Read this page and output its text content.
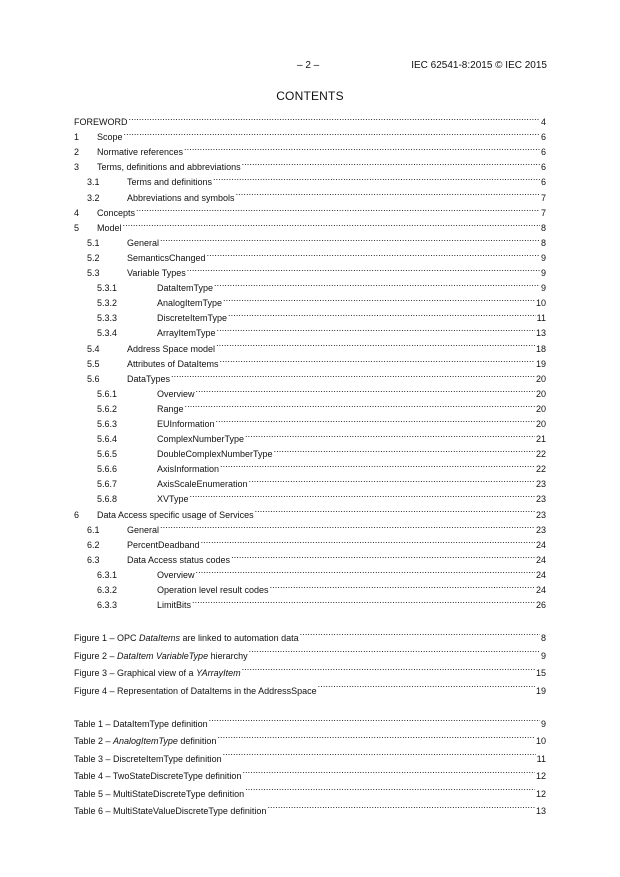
– 2 –	IEC 62541-8:2015 © IEC 2015
CONTENTS
FOREWORD .....	4
1	Scope .....	6
2	Normative references .....	6
3	Terms, definitions and abbreviations .....	6
3.1	Terms and definitions .....	6
3.2	Abbreviations and symbols .....	7
4	Concepts .....	7
5	Model .....	8
5.1	General .....	8
5.2	SemanticsChanged .....	9
5.3	Variable Types .....	9
5.3.1	DataItemType .....	9
5.3.2	AnalogItemType .....	10
5.3.3	DiscreteItemType .....	11
5.3.4	ArrayItemType .....	13
5.4	Address Space model .....	18
5.5	Attributes of DataItems .....	19
5.6	DataTypes .....	20
5.6.1	Overview .....	20
5.6.2	Range .....	20
5.6.3	EUInformation .....	20
5.6.4	ComplexNumberType .....	21
5.6.5	DoubleComplexNumberType .....	22
5.6.6	AxisInformation .....	22
5.6.7	AxisScaleEnumeration .....	23
5.6.8	XVType .....	23
6	Data Access specific usage of Services .....	23
6.1	General .....	23
6.2	PercentDeadband .....	24
6.3	Data Access status codes .....	24
6.3.1	Overview .....	24
6.3.2	Operation level result codes .....	24
6.3.3	LimitBits .....	26
Figure 1 – OPC DataItems are linked to automation data .....	8
Figure 2 – DataItem VariableType hierarchy .....	9
Figure 3 – Graphical view of a YArrayItem .....	15
Figure 4 – Representation of DataItems in the AddressSpace .....	19
Table 1 – DataItemType definition .....	9
Table 2 – AnalogItemType definition .....	10
Table 3 – DiscreteItemType definition .....	11
Table 4 – TwoStateDiscreteType definition .....	12
Table 5 – MultiStateDiscreteType definition .....	12
Table 6 – MultiStateValueDiscreteType definition .....	13
